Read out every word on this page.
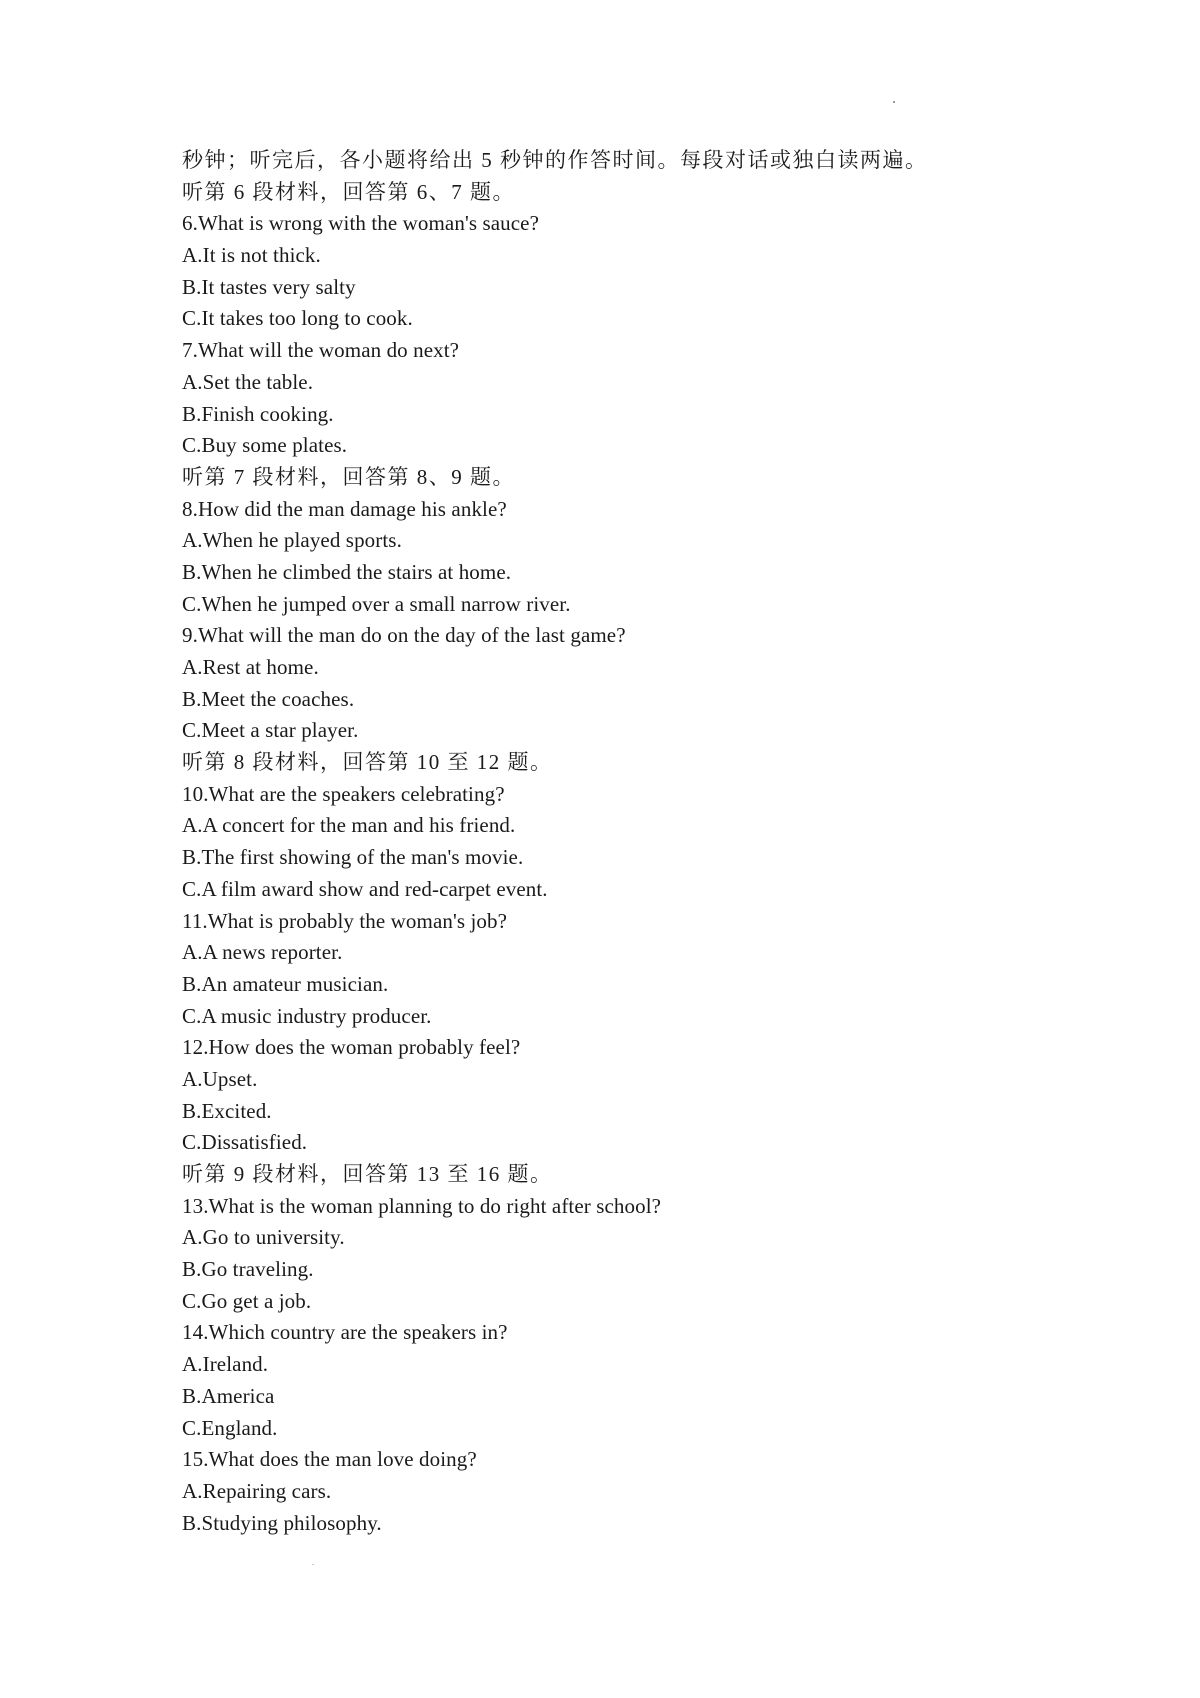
秒钟；听完后，各小题将给出 5 秒钟的作答时间。每段对话或独白读两遍。
听第 6 段材料，回答第 6、7 题。
6.What is wrong with the woman's sauce?
A.It is not thick.
B.It tastes very salty
C.It takes too long to cook.
7.What will the woman do next?
A.Set the table.
B.Finish cooking.
C.Buy some plates.
听第 7 段材料，回答第 8、9 题。
8.How did the man damage his ankle?
A.When he played sports.
B.When he climbed the stairs at home.
C.When he jumped over a small narrow river.
9.What will the man do on the day of the last game?
A.Rest at home.
B.Meet the coaches.
C.Meet a star player.
听第 8 段材料，回答第 10 至 12 题。
10.What are the speakers celebrating?
A.A concert for the man and his friend.
B.The first showing of the man's movie.
C.A film award show and red-carpet event.
11.What is probably the woman's job?
A.A news reporter.
B.An amateur musician.
C.A music industry producer.
12.How does the woman probably feel?
A.Upset.
B.Excited.
C.Dissatisfied.
听第 9 段材料，回答第 13 至 16 题。
13.What is the woman planning to do right after school?
A.Go to university.
B.Go traveling.
C.Go get a job.
14.Which country are the speakers in?
A.Ireland.
B.America
C.England.
15.What does the man love doing?
A.Repairing cars.
B.Studying philosophy.
